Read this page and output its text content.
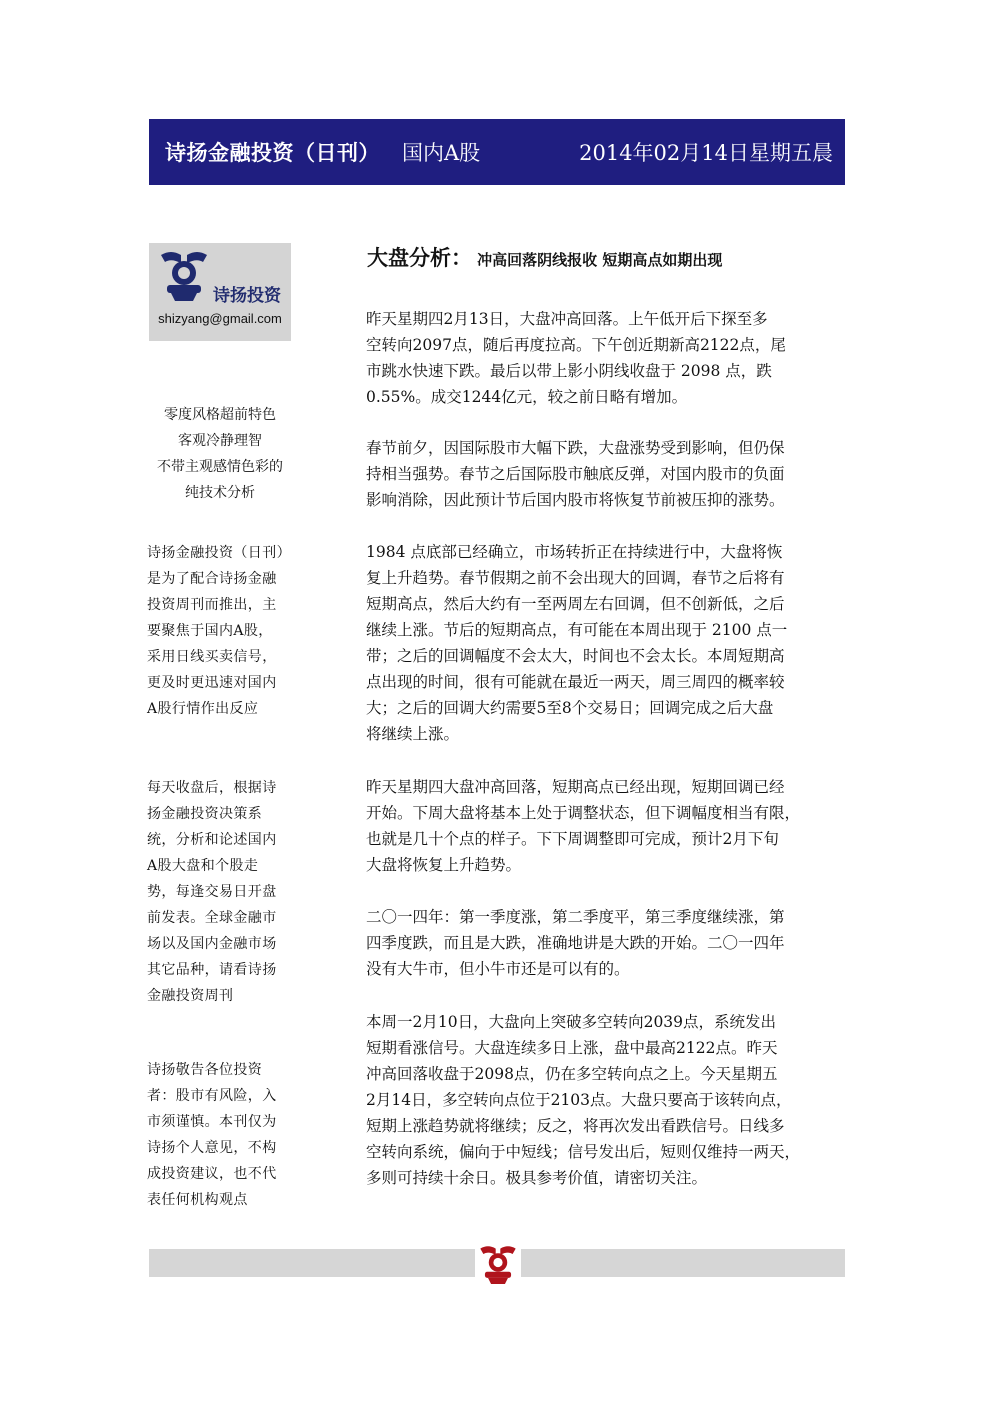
诗扬金融投资（日刊） 国内A股	2014年02月14日星期五晨
诗扬投资
shizyang@gmail.com
零度风格超前特色
客观冷静理智
不带主观感情色彩的
纯技术分析
诗扬金融投资（日刊）
是为了配合诗扬金融
投资周刊而推出，主
要聚焦于国内A股，
采用日线买卖信号，
更及时更迅速对国内
A股行情作出反应
每天收盘后，根据诗
扬金融投资决策系
统，分析和论述国内
A股大盘和个股走
势，每逢交易日开盘
前发表。全球金融市
场以及国内金融市场
其它品种，请看诗扬
金融投资周刊
诗扬敬告各位投资
者：股市有风险，入
市须谨慎。本刊仅为
诗扬个人意见，不构
成投资建议，也不代
表任何机构观点
大盘分析： 冲高回落阴线报收 短期高点如期出现
昨天星期四2月13日，大盘冲高回落。上午低开后下探至多
空转向2097点，随后再度拉高。下午创近期新高2122点，尾
市跳水快速下跌。最后以带上影小阴线收盘于 2098 点，跌
0.55%。成交1244亿元，较之前日略有增加。
春节前夕，因国际股市大幅下跌，大盘涨势受到影响，但仍保
持相当强势。春节之后国际股市触底反弹，对国内股市的负面
影响消除，因此预计节后国内股市将恢复节前被压抑的涨势。
1984 点底部已经确立，市场转折正在持续进行中，大盘将恢
复上升趋势。春节假期之前不会出现大的回调，春节之后将有
短期高点，然后大约有一至两周左右回调，但不创新低，之后
继续上涨。节后的短期高点，有可能在本周出现于 2100 点一
带；之后的回调幅度不会太大，时间也不会太长。本周短期高
点出现的时间，很有可能就在最近一两天，周三周四的概率较
大；之后的回调大约需要5至8个交易日；回调完成之后大盘
将继续上涨。
昨天星期四大盘冲高回落，短期高点已经出现，短期回调已经
开始。下周大盘将基本上处于调整状态，但下调幅度相当有限，
也就是几十个点的样子。下下周调整即可完成，预计2月下旬
大盘将恢复上升趋势。
二〇一四年：第一季度涨，第二季度平，第三季度继续涨，第
四季度跌，而且是大跌，准确地讲是大跌的开始。二〇一四年
没有大牛市，但小牛市还是可以有的。
本周一2月10日，大盘向上突破多空转向2039点，系统发出
短期看涨信号。大盘连续多日上涨，盘中最高2122点。昨天
冲高回落收盘于2098点，仍在多空转向点之上。今天星期五
2月14日，多空转向点位于2103点。大盘只要高于该转向点，
短期上涨趋势就将继续；反之，将再次发出看跌信号。日线多
空转向系统，偏向于中短线；信号发出后，短则仅维持一两天，
多则可持续十余日。极具参考价值，请密切关注。
